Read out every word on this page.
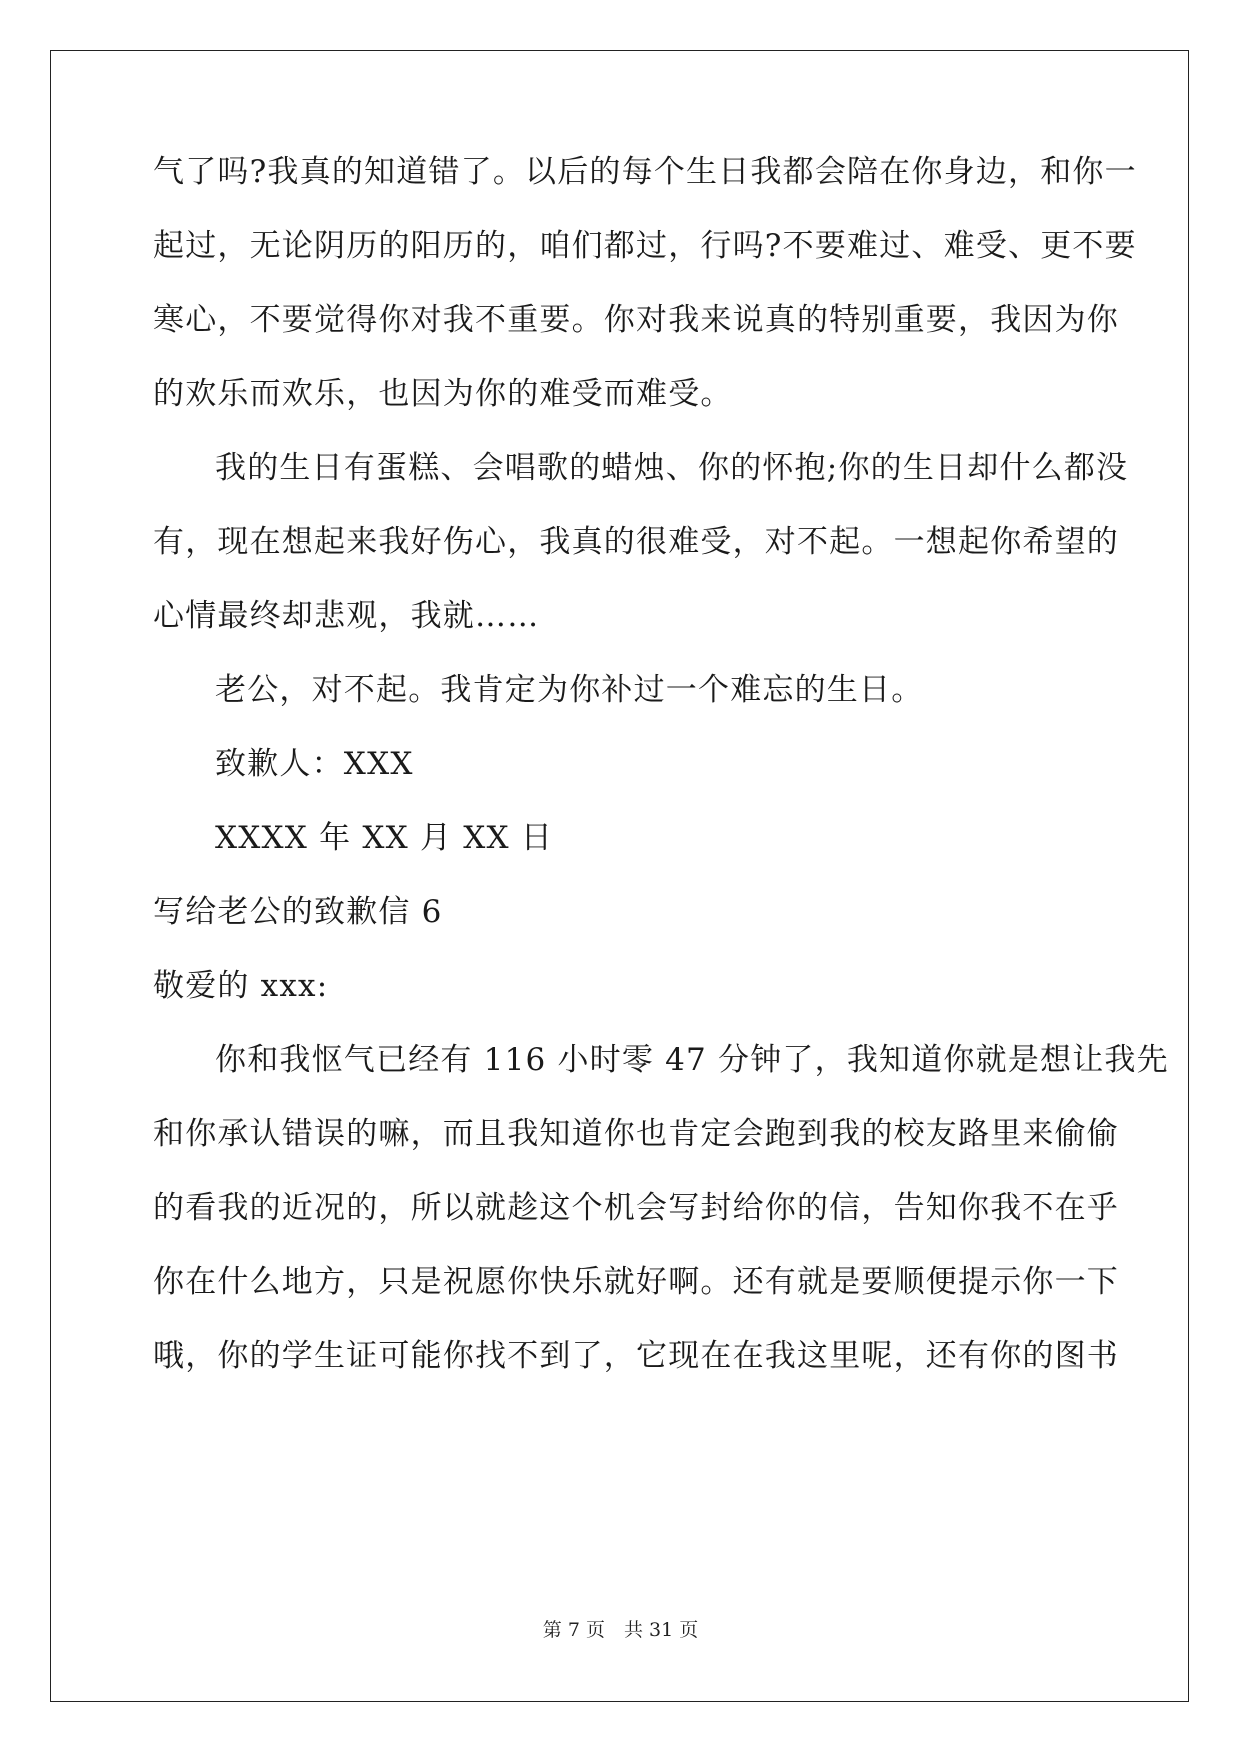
气了吗?我真的知道错了。以后的每个生日我都会陪在你身边，和你一
起过，无论阴历的阳历的，咱们都过，行吗?不要难过、难受、更不要
寒心，不要觉得你对我不重要。你对我来说真的特别重要，我因为你
的欢乐而欢乐，也因为你的难受而难受。
我的生日有蛋糕、会唱歌的蜡烛、你的怀抱;你的生日却什么都没
有，现在想起来我好伤心，我真的很难受，对不起。一想起你希望的
心情最终却悲观，我就……
老公，对不起。我肯定为你补过一个难忘的生日。
致歉人：XXX
XXXX 年 XX 月 XX 日
写给老公的致歉信 6
敬爱的 xxx:
你和我怄气已经有 116 小时零 47 分钟了，我知道你就是想让我先
和你承认错误的嘛，而且我知道你也肯定会跑到我的校友路里来偷偷
的看我的近况的，所以就趁这个机会写封给你的信，告知你我不在乎
你在什么地方，只是祝愿你快乐就好啊。还有就是要顺便提示你一下
哦，你的学生证可能你找不到了，它现在在我这里呢，还有你的图书
第 7 页　共 31 页
